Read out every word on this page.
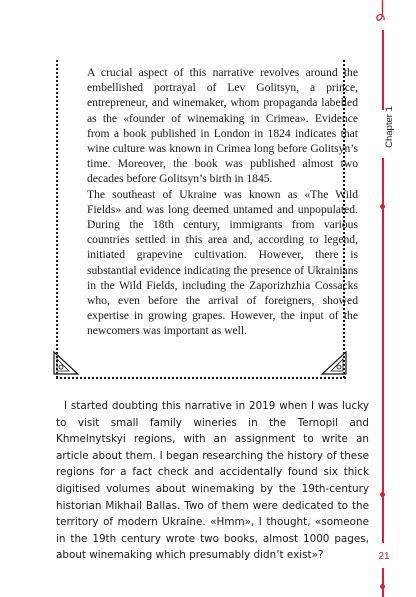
A crucial aspect of this narrative revolves around the embellished portrayal of Lev Golitsyn, a prince, entrepreneur, and winemaker, whom propaganda labelled as the «founder of winemaking in Crimea». Evidence from a book published in London in 1824 indicates that wine culture was known in Crimea long before Golitsyn’s time. Moreover, the book was published almost two decades before Golitsyn’s birth in 1845.

The southeast of Ukraine was known as «The Wild Fields» and was long deemed untamed and unpopulated. During the 18th century, immigrants from various countries settled in this area and, according to legend, initiated grapevine cultivation. However, there is substantial evidence indicating the presence of Ukrainians in the Wild Fields, including the Zaporizhzhia Cossacks who, even before the arrival of foreigners, showed expertise in growing grapes. However, the input of the newcomers was important as well.

I started doubting this narrative in 2019 when I was lucky to visit small family wineries in the Ternopil and Khmelnytskyi regions, with an assignment to write an article about them. I began researching the history of these regions for a fact check and accidentally found six thick digitised volumes about winemaking by the 19th-century historian Mikhail Ballas. Two of them were dedicated to the territory of modern Ukraine. «Hmm», I thought, «someone in the 19th century wrote two books, almost 1000 pages, about winemaking which presumably didn’t exist»?

Chapter 1
21
